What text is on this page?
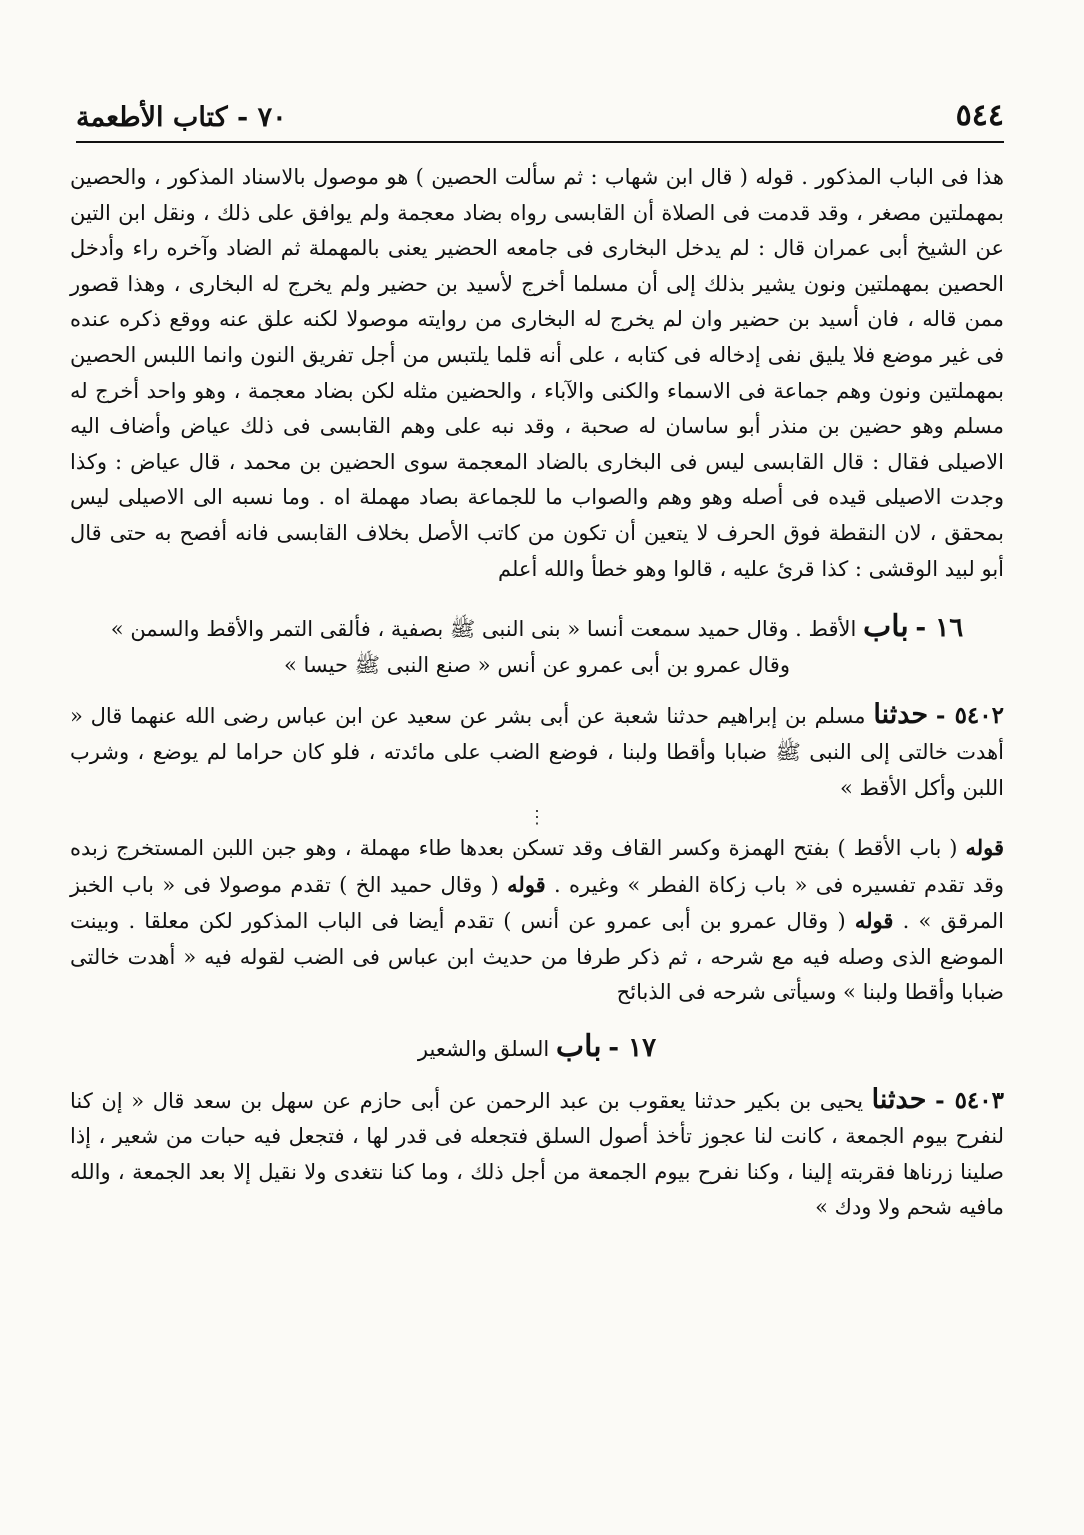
٧٠ - كتاب الأطعمة	٥٤٤

هذا فى الباب المذكور . قوله ( قال ابن شهاب : ثم سألت الحصين ) هو موصول بالاسناد المذكور ، والحصين بمهملتين مصغر ، وقد قدمت فى الصلاة أن القابسى رواه بضاد معجمة ولم يوافق على ذلك ، ونقل ابن التين عن الشيخ أبى عمران قال : لم يدخل البخارى فى جامعه الحضير يعنى بالمهملة ثم الضاد وآخره راء وأدخل الحصين بمهملتين ونون يشير بذلك إلى أن مسلما أخرج لأسيد بن حضير ولم يخرج له البخارى ، وهذا قصور ممن قاله ، فان أسيد بن حضير وان لم يخرج له البخارى من روايته موصولا لكنه علق عنه ووقع ذكره عنده فى غير موضع فلا يليق نفى إدخاله فى كتابه ، على أنه قلما يلتبس من أجل تفريق النون وانما اللبس الحصين بمهملتين ونون وهم جماعة فى الاسماء والكنى والآباء ، والحضين مثله لكن بضاد معجمة ، وهو واحد أخرج له مسلم وهو حضين بن منذر أبو ساسان له صحبة ، وقد نبه على وهم القابسى فى ذلك عياض وأضاف اليه الاصيلى فقال : قال القابسى ليس فى البخارى بالضاد المعجمة سوى الحضين بن محمد ، قال عياض : وكذا وجدت الاصيلى قيده فى أصله وهو وهم والصواب ما للجماعة بصاد مهملة اه . وما نسبه الى الاصيلى ليس بمحقق ، لان النقطة فوق الحرف لا يتعين أن تكون من كاتب الأصل بخلاف القابسى فانه أفصح به حتى قال أبو لبيد الوقشى : كذا قرئ عليه ، قالوا وهو خطأ والله أعلم

١٦ - باب الأقط . وقال حميد سمعت أنسا « بنى النبى ﷺ بصفية ، فألقى التمر والأقط والسمن »

وقال عمرو بن أبى عمرو عن أنس « صنع النبى ﷺ حيسا »

٥٤٠٢ - حدثنا مسلم بن إبراهيم حدثنا شعبة عن أبى بشر عن سعيد عن ابن عباس رضى الله عنهما قال « أهدت خالتى إلى النبى ﷺ ضبابا وأقطا ولبنا ، فوضع الضب على مائدته ، فلو كان حراما لم يوضع ، وشرب اللبن وأكل الأقط »

⋮

قوله ( باب الأقط ) بفتح الهمزة وكسر القاف وقد تسكن بعدها طاء مهملة ، وهو جبن اللبن المستخرج زبده وقد تقدم تفسيره فى « باب زكاة الفطر » وغيره . قوله ( وقال حميد الخ ) تقدم موصولا فى « باب الخبز المرقق » . قوله ( وقال عمرو بن أبى عمرو عن أنس ) تقدم أيضا فى الباب المذكور لكن معلقا . وبينت الموضع الذى وصله فيه مع شرحه ، ثم ذكر طرفا من حديث ابن عباس فى الضب لقوله فيه « أهدت خالتى ضبابا وأقطا ولبنا » وسيأتى شرحه فى الذبائح

١٧ - باب السلق والشعير

٥٤٠٣ - حدثنا يحيى بن بكير حدثنا يعقوب بن عبد الرحمن عن أبى حازم عن سهل بن سعد قال « إن كنا لنفرح بيوم الجمعة ، كانت لنا عجوز تأخذ أصول السلق فتجعله فى قدر لها ، فتجعل فيه حبات من شعير ، إذا صلينا زرناها فقربته إلينا ، وكنا نفرح بيوم الجمعة من أجل ذلك ، وما كنا نتغدى ولا نقيل إلا بعد الجمعة ، والله مافيه شحم ولا ودك »
